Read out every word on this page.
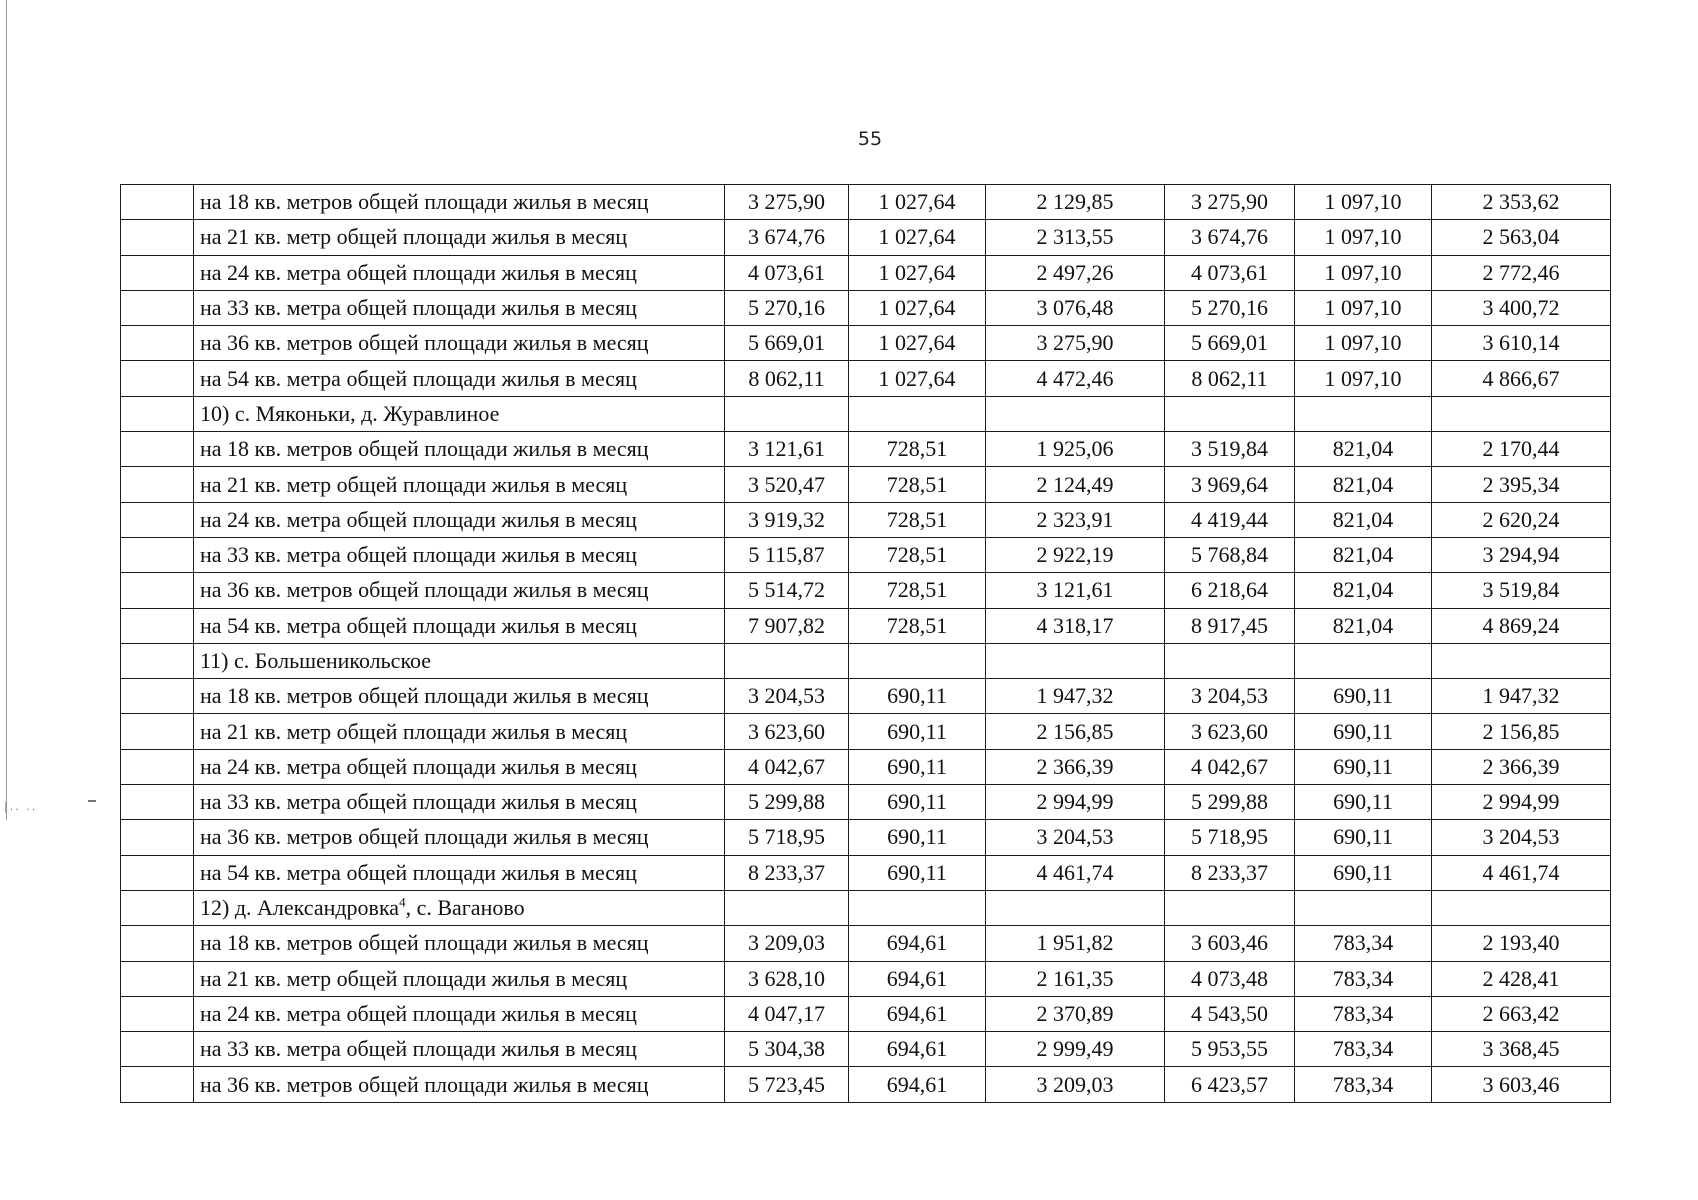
|.. ..
55
	на 18 кв. метров общей площади жилья в месяц	3 275,90	1 027,64	2 129,85	3 275,90	1 097,10	2 353,62
	на 21 кв. метр общей площади жилья в месяц	3 674,76	1 027,64	2 313,55	3 674,76	1 097,10	2 563,04
	на 24 кв. метра общей площади жилья в месяц	4 073,61	1 027,64	2 497,26	4 073,61	1 097,10	2 772,46
	на 33 кв. метра общей площади жилья в месяц	5 270,16	1 027,64	3 076,48	5 270,16	1 097,10	3 400,72
	на 36 кв. метров общей площади жилья в месяц	5 669,01	1 027,64	3 275,90	5 669,01	1 097,10	3 610,14
	на 54 кв. метра общей площади жилья в месяц	8 062,11	1 027,64	4 472,46	8 062,11	1 097,10	4 866,67
	10) с. Мяконьки, д. Журавлиное						
	на 18 кв. метров общей площади жилья в месяц	3 121,61	728,51	1 925,06	3 519,84	821,04	2 170,44
	на 21 кв. метр общей площади жилья в месяц	3 520,47	728,51	2 124,49	3 969,64	821,04	2 395,34
	на 24 кв. метра общей площади жилья в месяц	3 919,32	728,51	2 323,91	4 419,44	821,04	2 620,24
	на 33 кв. метра общей площади жилья в месяц	5 115,87	728,51	2 922,19	5 768,84	821,04	3 294,94
	на 36 кв. метров общей площади жилья в месяц	5 514,72	728,51	3 121,61	6 218,64	821,04	3 519,84
	на 54 кв. метра общей площади жилья в месяц	7 907,82	728,51	4 318,17	8 917,45	821,04	4 869,24
	11) с. Большеникольское						
	на 18 кв. метров общей площади жилья в месяц	3 204,53	690,11	1 947,32	3 204,53	690,11	1 947,32
	на 21 кв. метр общей площади жилья в месяц	3 623,60	690,11	2 156,85	3 623,60	690,11	2 156,85
	на 24 кв. метра общей площади жилья в месяц	4 042,67	690,11	2 366,39	4 042,67	690,11	2 366,39
	на 33 кв. метра общей площади жилья в месяц	5 299,88	690,11	2 994,99	5 299,88	690,11	2 994,99
	на 36 кв. метров общей площади жилья в месяц	5 718,95	690,11	3 204,53	5 718,95	690,11	3 204,53
	на 54 кв. метра общей площади жилья в месяц	8 233,37	690,11	4 461,74	8 233,37	690,11	4 461,74
	12) д. Александровка$^4$, с. Ваганово						
	на 18 кв. метров общей площади жилья в месяц	3 209,03	694,61	1 951,82	3 603,46	783,34	2 193,40
	на 21 кв. метр общей площади жилья в месяц	3 628,10	694,61	2 161,35	4 073,48	783,34	2 428,41
	на 24 кв. метра общей площади жилья в месяц	4 047,17	694,61	2 370,89	4 543,50	783,34	2 663,42
	на 33 кв. метра общей площади жилья в месяц	5 304,38	694,61	2 999,49	5 953,55	783,34	3 368,45
	на 36 кв. метров общей площади жилья в месяц	5 723,45	694,61	3 209,03	6 423,57	783,34	3 603,46
